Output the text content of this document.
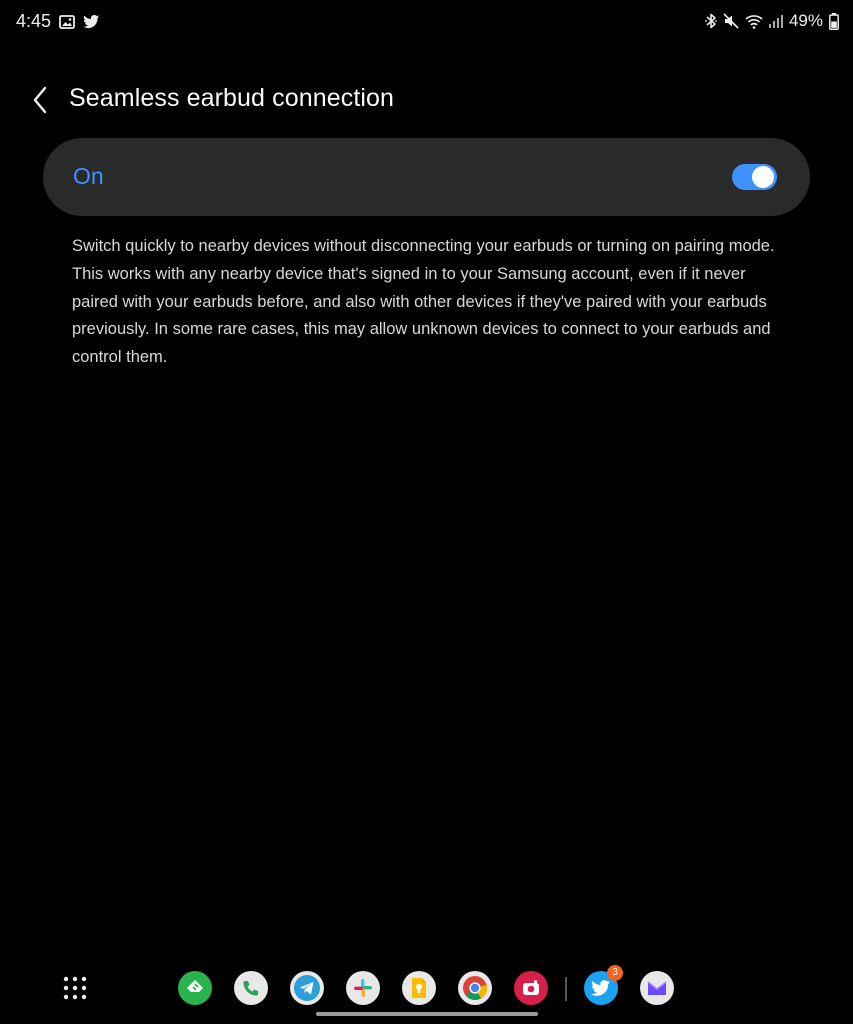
4:45	49%
Seamless earbud connection
On

Switch quickly to nearby devices without disconnecting your earbuds or turning on pairing mode. This works with any nearby device that's signed in to your Samsung account, even if it never paired with your earbuds before, and also with other devices if they've paired with your earbuds previously. In some rare cases, this may allow unknown devices to connect to your earbuds and control them.

3
